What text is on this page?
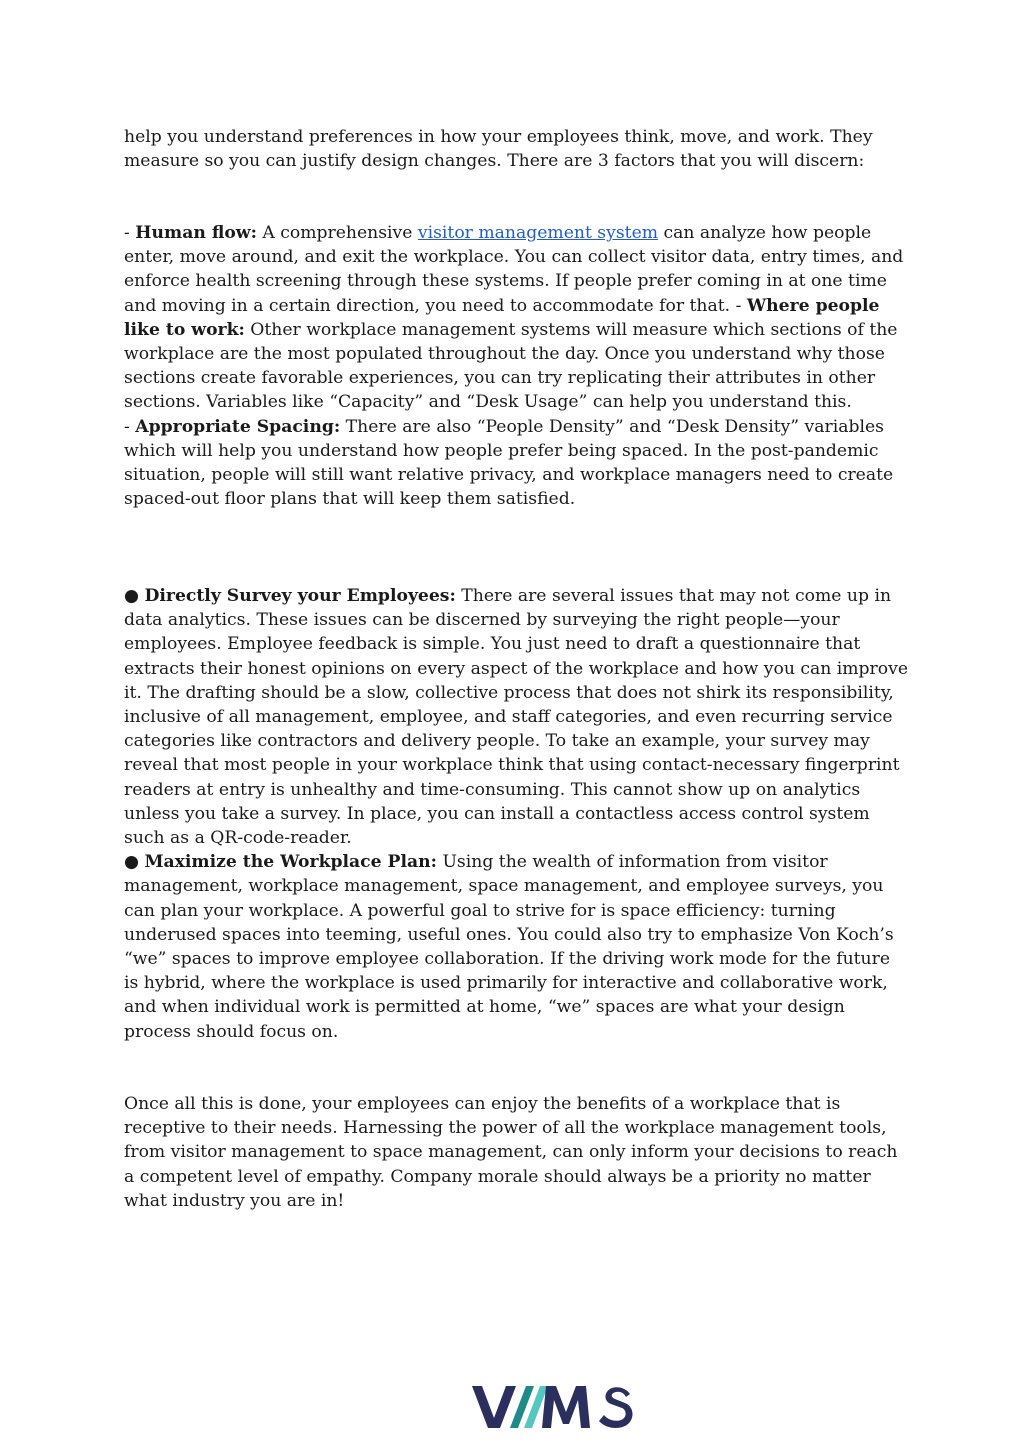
help you understand preferences in how your employees think, move, and work. They measure so you can justify design changes. There are 3 factors that you will discern:

- Human flow: A comprehensive visitor management system can analyze how people enter, move around, and exit the workplace. You can collect visitor data, entry times, and enforce health screening through these systems. If people prefer coming in at one time and moving in a certain direction, you need to accommodate for that. - Where people like to work: Other workplace management systems will measure which sections of the workplace are the most populated throughout the day. Once you understand why those sections create favorable experiences, you can try replicating their attributes in other sections. Variables like “Capacity” and “Desk Usage” can help you understand this.
- Appropriate Spacing: There are also “People Density” and “Desk Density” variables which will help you understand how people prefer being spaced. In the post-pandemic situation, people will still want relative privacy, and workplace managers need to create spaced-out floor plans that will keep them satisfied.

● Directly Survey your Employees: There are several issues that may not come up in data analytics. These issues can be discerned by surveying the right people—your employees. Employee feedback is simple. You just need to draft a questionnaire that extracts their honest opinions on every aspect of the workplace and how you can improve it. The drafting should be a slow, collective process that does not shirk its responsibility, inclusive of all management, employee, and staff categories, and even recurring service categories like contractors and delivery people. To take an example, your survey may reveal that most people in your workplace think that using contact-necessary fingerprint readers at entry is unhealthy and time-consuming. This cannot show up on analytics unless you take a survey. In place, you can install a contactless access control system such as a QR-code-reader.
● Maximize the Workplace Plan: Using the wealth of information from visitor management, workplace management, space management, and employee surveys, you can plan your workplace. A powerful goal to strive for is space efficiency: turning underused spaces into teeming, useful ones. You could also try to emphasize Von Koch’s “we” spaces to improve employee collaboration. If the driving work mode for the future is hybrid, where the workplace is used primarily for interactive and collaborative work, and when individual work is permitted at home, “we” spaces are what your design process should focus on.

Once all this is done, your employees can enjoy the benefits of a workplace that is receptive to their needs. Harnessing the power of all the workplace management tools, from visitor management to space management, can only inform your decisions to reach a competent level of empathy. Company morale should always be a priority no matter what industry you are in!
